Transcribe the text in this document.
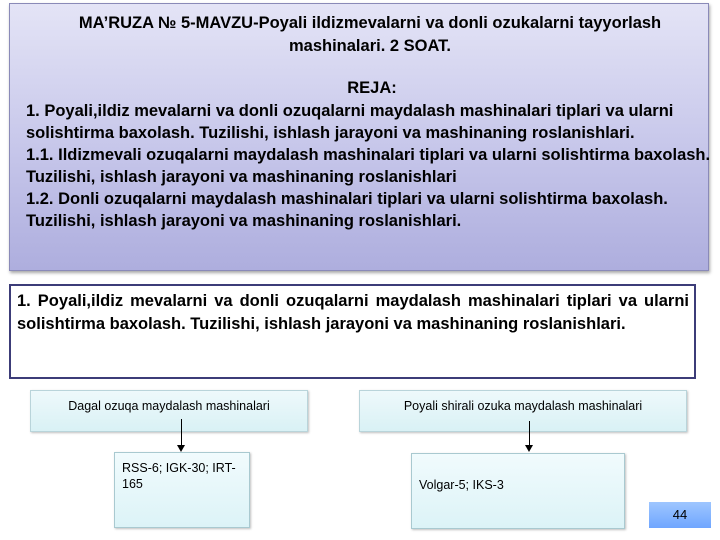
MA’RUZA № 5-MAVZU-Poyali ildizmevalarni va donli ozukalarni tayyorlash mashinalari. 2 SOAT.
REJA:

1. Poyali,ildiz mevalarni va donli ozuqalarni maydalash mashinalari tiplari va ularni solishtirma baxolash. Tuzilishi, ishlash jarayoni va mashinaning roslanishlari.

1.1. Ildizmevali ozuqalarni maydalash mashinalari tiplari va ularni solishtirma baxolash. Tuzilishi, ishlash jarayoni va mashinaning roslanishlari

1.2. Donli ozuqalarni maydalash mashinalari tiplari va ularni solishtirma baxolash. Tuzilishi, ishlash jarayoni va mashinaning roslanishlari.

1. Poyali,ildiz mevalarni va donli ozuqalarni maydalash mashinalari tiplari va ularni solishtirma baxolash. Tuzilishi, ishlash jarayoni va mashinaning roslanishlari.

Dagal ozuqa maydalash mashinalari	Poyali shirali ozuka maydalash mashinalari
RSS-6; IGK-30; IRT-165	Volgar-5; IKS-3
44
